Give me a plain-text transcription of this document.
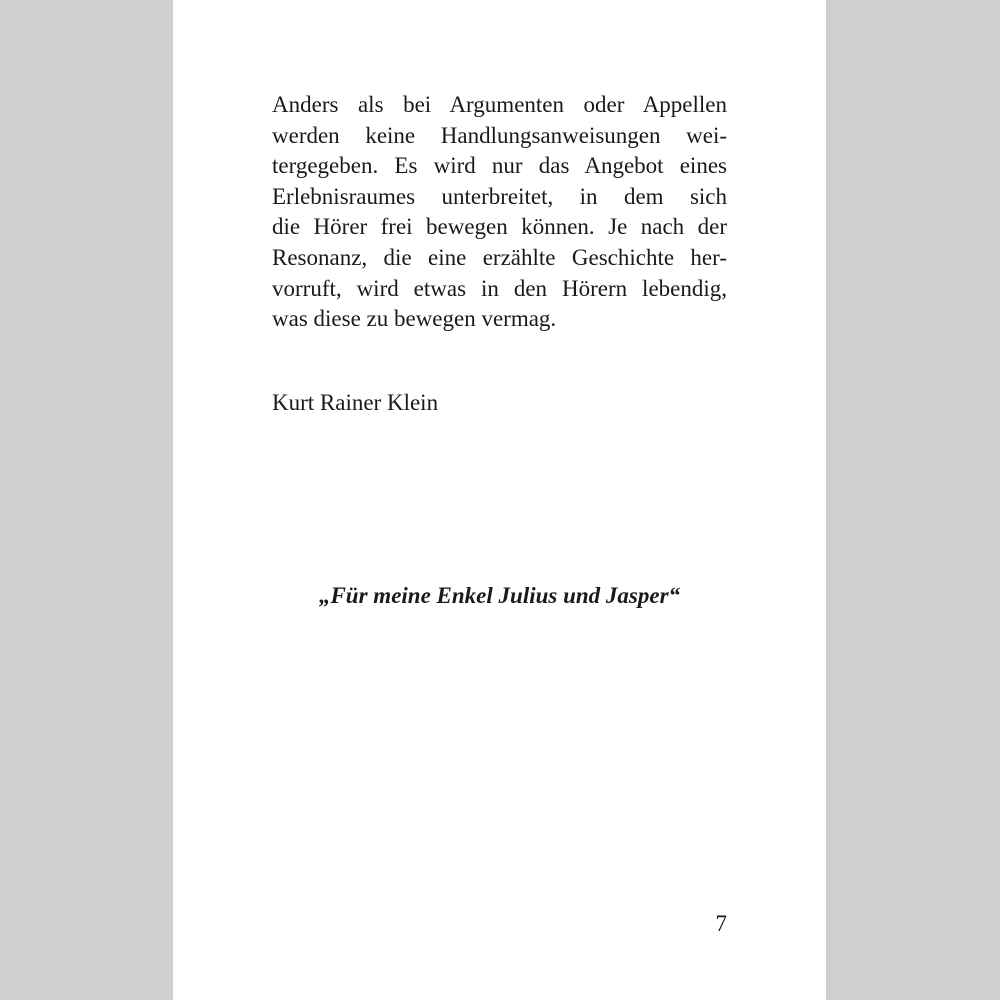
Anders als bei Argumenten oder Appellen
werden keine Handlungsanweisungen wei-
tergegeben. Es wird nur das Angebot eines
Erlebnisraumes unterbreitet, in dem sich
die Hörer frei bewegen können. Je nach der
Resonanz, die eine erzählte Geschichte her-
vorruft, wird etwas in den Hörern lebendig,
was diese zu bewegen vermag.

Kurt Rainer Klein

„Für meine Enkel Julius und Jasper“

7
